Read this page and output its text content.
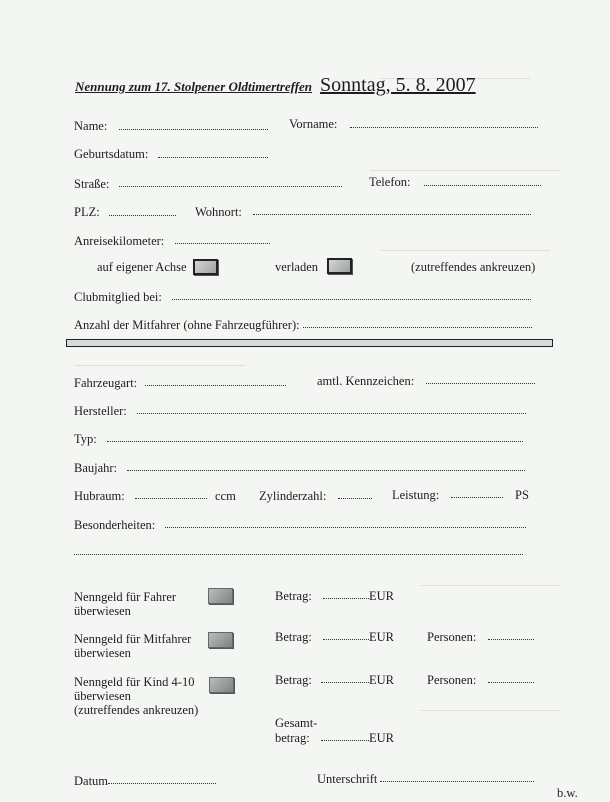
Nennung zum 17. Stolpener Oldtimertreffen Sonntag, 5. 8. 2007
Name:	Vorname:
Geburtsdatum:
Straße:	Telefon:
PLZ:	Wohnort:
Anreisekilometer:
auf eigener Achse	verladen	(zutreffendes ankreuzen)
Clubmitglied bei:
Anzahl der Mitfahrer (ohne Fahrzeugführer):
Fahrzeugart:	amtl. Kennzeichen:
Hersteller:
Typ:
Baujahr:
Hubraum:	ccm Zylinderzahl:	Leistung:	PS
Besonderheiten:
Nenngeld für Fahrer
überwiesen
Betrag:	EUR
Nenngeld für Mitfahrer
überwiesen
Betrag:	EUR	Personen:
Nenngeld für Kind 4-10
überwiesen
(zutreffendes ankreuzen)
Betrag:	EUR	Personen:
Gesamt-
betrag:	EUR
Datum	Unterschrift
b.w.
